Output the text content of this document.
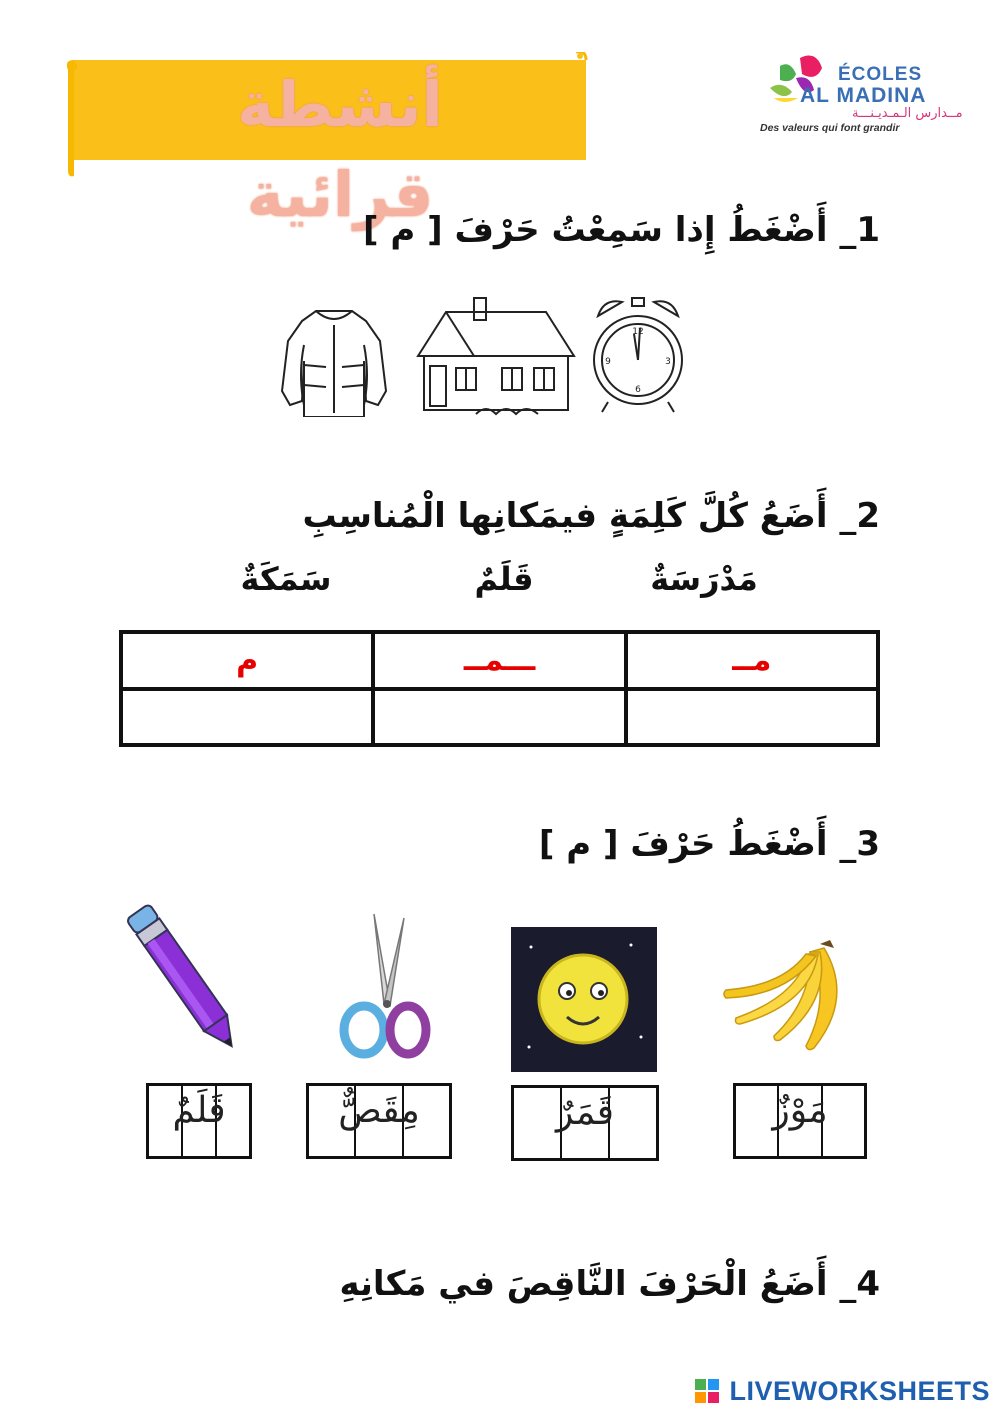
أنشطة قرائية
ÉCOLES
AL MADINA
مــدارس الـمـديـنـــة
Des valeurs qui font grandir
1_ أَضْغَطُ إِذا سَمِعْتُ حَرْفَ [ م ]
12
3
6
9
2_ أَضَعُ كُلَّ كَلِمَةٍ فيمَكانِها الْمُناسِبِ
مَدْرَسَةٌ
قَلَمٌ
سَمَكَةٌ
مــ	ـــمــ	م

3_ أَضْغَطُ حَرْفَ [ م ]
مَوْزٌ
قَمَرٌ
مِقَصٌّ
قَلَمٌ
4_ أَضَعُ الْحَرْفَ النَّاقِصَ في مَكانِهِ
LIVEWORKSHEETS
